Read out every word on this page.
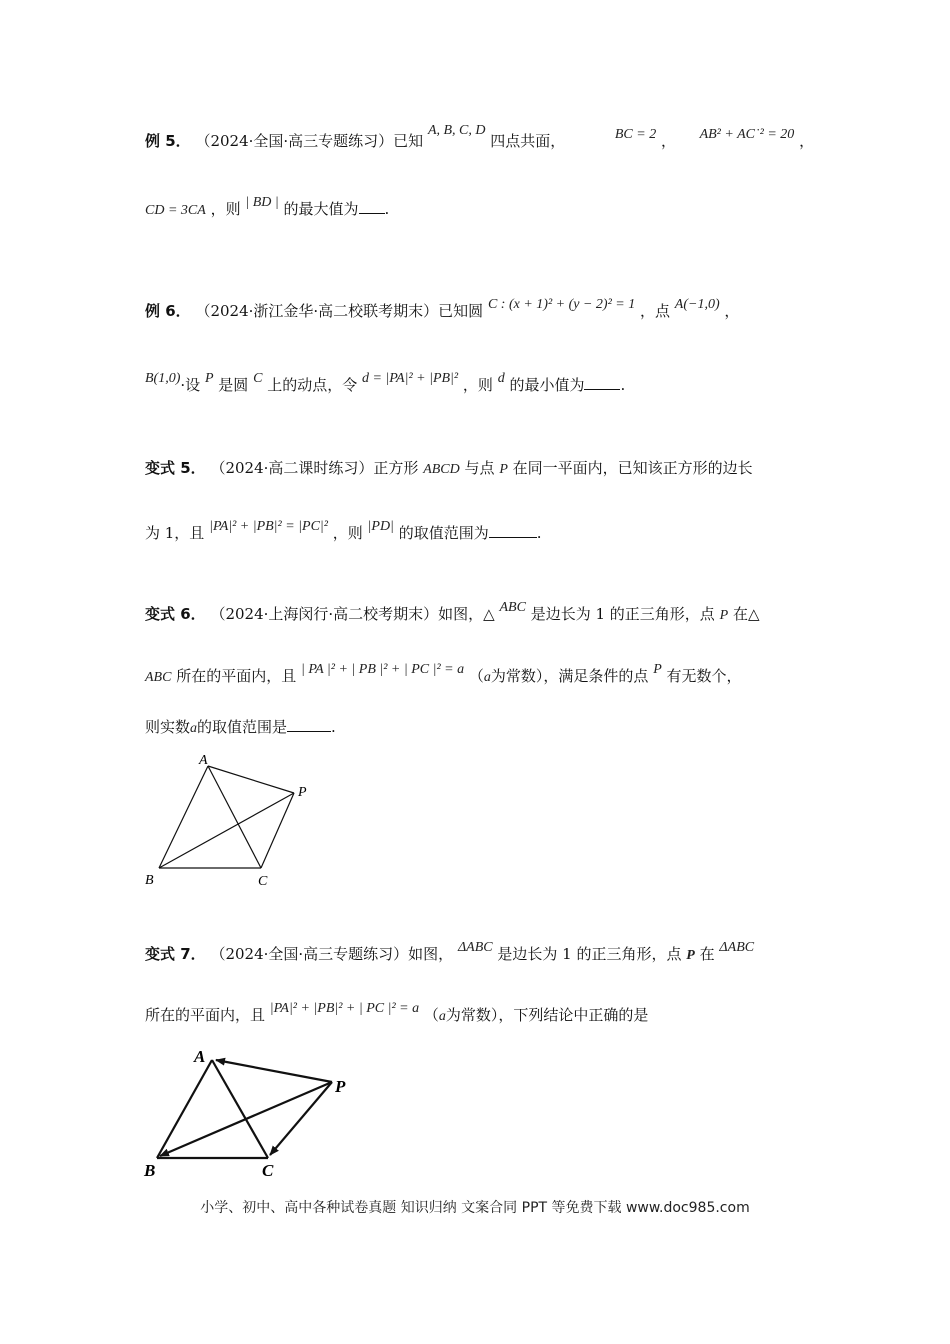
例 5． （2024·全国·高三专题练习）已知 A, B, C, D 四点共面，	BC = 2 ， AB² + AC˙² = 20 ，
CD = 3CA ，则 | BD | 的最大值为 .
例 6． （2024·浙江金华·高二校联考期末）已知圆 C : (x + 1)² + (y − 2)² = 1 ，点 A(−1,0) ，
B(1,0)·设 P 是圆 C 上的动点，令 d = |PA|² + |PB|² ，则 d 的最小值为 .
变式 5． （2024·高二课时练习）正方形 ABCD 与点 P 在同一平面内，已知该正方形的边长
为 1，且 |PA|² + |PB|² = |PC|² ，则 |PD| 的取值范围为	.
变式 6． （2024·上海闵行·高二校考期末）如图，△ ABC 是边长为 1 的正三角形，点 P 在△
ABC 所在的平面内，且 | PA |² + | PB |² + | PC |² = a （a为常数），满足条件的点 P 有无数个，
则实数a的取值范围是	.
A
B	C
P
变式 7． （2024·全国·高三专题练习）如图， ΔABC 是边长为 1 的正三角形，点 P 在 ΔABC
所在的平面内，且 |PA|² + |PB|² + | PC |² = a （a为常数），下列结论中正确的是
A
B	C
P
小学、初中、高中各种试卷真题 知识归纳 文案合同 PPT 等免费下载 www.doc985.com
